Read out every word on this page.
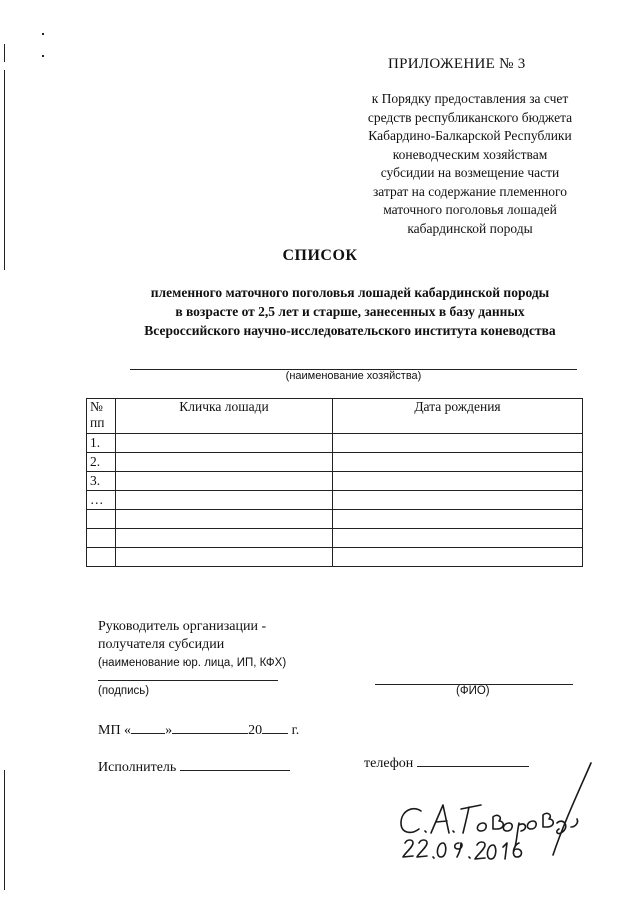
ПРИЛОЖЕНИЕ № 3
к Порядку предоставления за счет
средств республиканского бюджета
Кабардино-Балкарской Республики
коневодческим хозяйствам
субсидии на возмещение части
затрат на содержание племенного
маточного поголовья лошадей
кабардинской породы
СПИСОК
племенного маточного поголовья лошадей кабардинской породы
в возрасте от 2,5 лет и старше, занесенных в базу данных
Всероссийского научно-исследовательского института коневодства
(наименование хозяйства)
№ пп	Кличка лошади	Дата рождения
1.		
2.		
3.		
…		

Руководитель организации -
получателя субсидии
(наименование юр. лица, ИП, КФХ)
(подпись)	(ФИО)
МП « »	20 г.
Исполнитель	телефон
